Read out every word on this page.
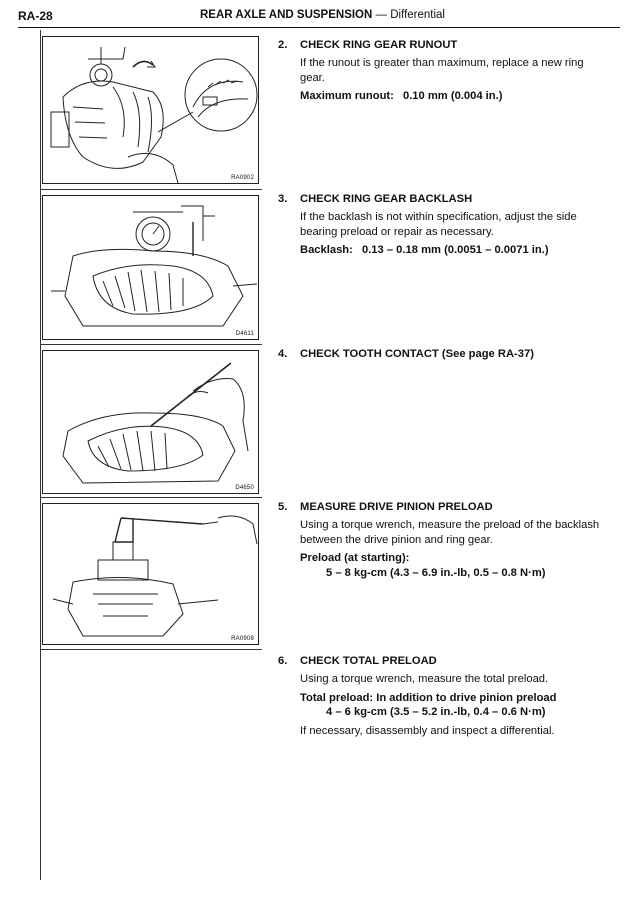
RA-28	REAR AXLE AND SUSPENSION — Differential
RA0902
D4611
D4650
RA0908
2. CHECK RING GEAR RUNOUT

If the runout is greater than maximum, replace a new ring gear.

Maximum runout: 0.10 mm (0.004 in.)

3. CHECK RING GEAR BACKLASH

If the backlash is not within specification, adjust the side bearing preload or repair as necessary.

Backlash: 0.13 – 0.18 mm (0.0051 – 0.0071 in.)

4. CHECK TOOTH CONTACT (See page RA-37)
5. MEASURE DRIVE PINION PRELOAD

Using a torque wrench, measure the preload of the backlash between the drive pinion and ring gear.

Preload (at starting):

5 – 8 kg-cm (4.3 – 6.9 in.-lb, 0.5 – 0.8 N·m)

6. CHECK TOTAL PRELOAD

Using a torque wrench, measure the total preload.

Total preload: In addition to drive pinion preload

4 – 6 kg-cm (3.5 – 5.2 in.-lb, 0.4 – 0.6 N·m)

If necessary, disassembly and inspect a differential.
